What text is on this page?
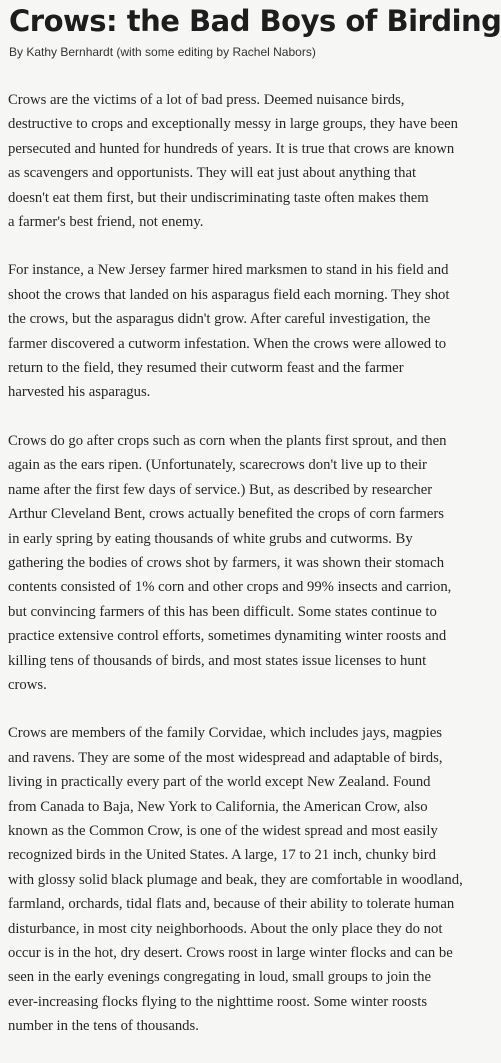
Crows: the Bad Boys of Birding

By Kathy Bernhardt (with some editing by Rachel Nabors)

Crows are the victims of a lot of bad press. Deemed nuisance birds,
destructive to crops and exceptionally messy in large groups, they have been
persecuted and hunted for hundreds of years. It is true that crows are known
as scavengers and opportunists. They will eat just about anything that
doesn't eat them first, but their undiscriminating taste often makes them
a farmer's best friend, not enemy.

For instance, a New Jersey farmer hired marksmen to stand in his field and
shoot the crows that landed on his asparagus field each morning. They shot
the crows, but the asparagus didn't grow. After careful investigation, the
farmer discovered a cutworm infestation. When the crows were allowed to
return to the field, they resumed their cutworm feast and the farmer
harvested his asparagus.

Crows do go after crops such as corn when the plants first sprout, and then
again as the ears ripen. (Unfortunately, scarecrows don't live up to their
name after the first few days of service.) But, as described by researcher
Arthur Cleveland Bent, crows actually benefited the crops of corn farmers
in early spring by eating thousands of white grubs and cutworms. By
gathering the bodies of crows shot by farmers, it was shown their stomach
contents consisted of 1% corn and other crops and 99% insects and carrion,
but convincing farmers of this has been difficult. Some states continue to
practice extensive control efforts, sometimes dynamiting winter roosts and
killing tens of thousands of birds, and most states issue licenses to hunt
crows.

Crows are members of the family Corvidae, which includes jays, magpies
and ravens. They are some of the most widespread and adaptable of birds,
living in practically every part of the world except New Zealand. Found
from Canada to Baja, New York to California, the American Crow, also
known as the Common Crow, is one of the widest spread and most easily
recognized birds in the United States. A large, 17 to 21 inch, chunky bird
with glossy solid black plumage and beak, they are comfortable in woodland,
farmland, orchards, tidal flats and, because of their ability to tolerate human
disturbance, in most city neighborhoods. About the only place they do not
occur is in the hot, dry desert. Crows roost in large winter flocks and can be
seen in the early evenings congregating in loud, small groups to join the
ever-increasing flocks flying to the nighttime roost. Some winter roosts
number in the tens of thousands.
